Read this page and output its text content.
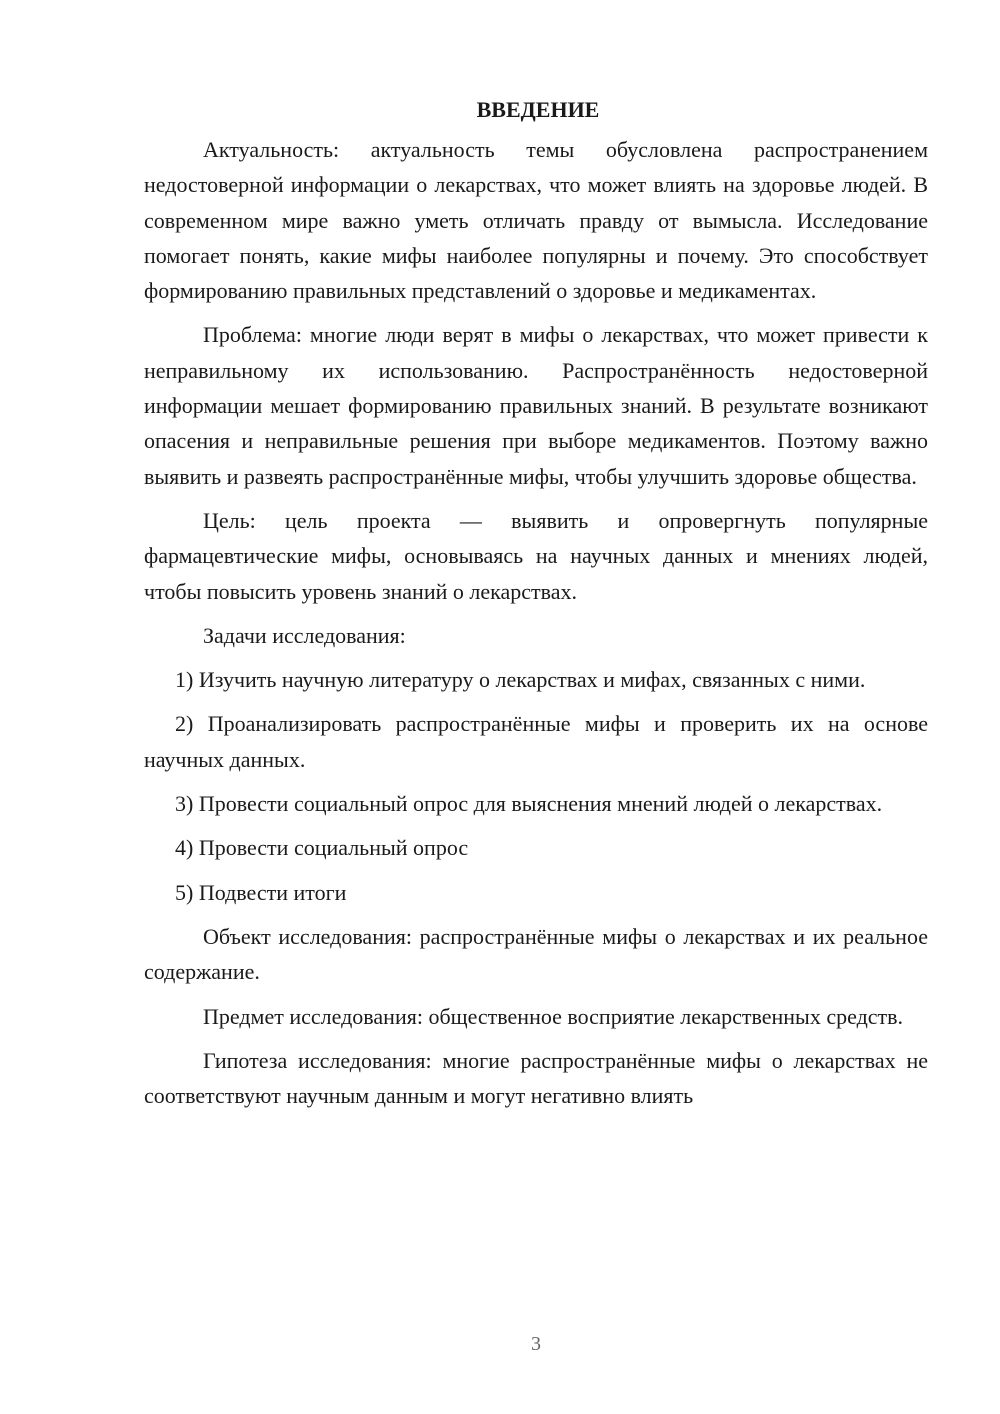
ВВЕДЕНИЕ

Актуальность: актуальность темы обусловлена распространением недостоверной информации о лекарствах, что может влиять на здоровье людей. В современном мире важно уметь отличать правду от вымысла. Исследование помогает понять, какие мифы наиболее популярны и почему. Это способствует формированию правильных представлений о здоровье и медикаментах.

Проблема: многие люди верят в мифы о лекарствах, что может привести к неправильному их использованию. Распространённость недостоверной информации мешает формированию правильных знаний. В результате возникают опасения и неправильные решения при выборе медикаментов. Поэтому важно выявить и развеять распространённые мифы, чтобы улучшить здоровье общества.

Цель: цель проекта — выявить и опровергнуть популярные фармацевтические мифы, основываясь на научных данных и мнениях людей, чтобы повысить уровень знаний о лекарствах.

Задачи исследования:

1) Изучить научную литературу о лекарствах и мифах, связанных с ними.

2) Проанализировать распространённые мифы и проверить их на основе научных данных.

3) Провести социальный опрос для выяснения мнений людей о лекарствах.

4) Провести социальный опрос

5) Подвести итоги

Объект исследования: распространённые мифы о лекарствах и их реальное содержание.

Предмет исследования: общественное восприятие лекарственных средств.

Гипотеза исследования: многие распространённые мифы о лекарствах не соответствуют научным данным и могут негативно влиять

3
